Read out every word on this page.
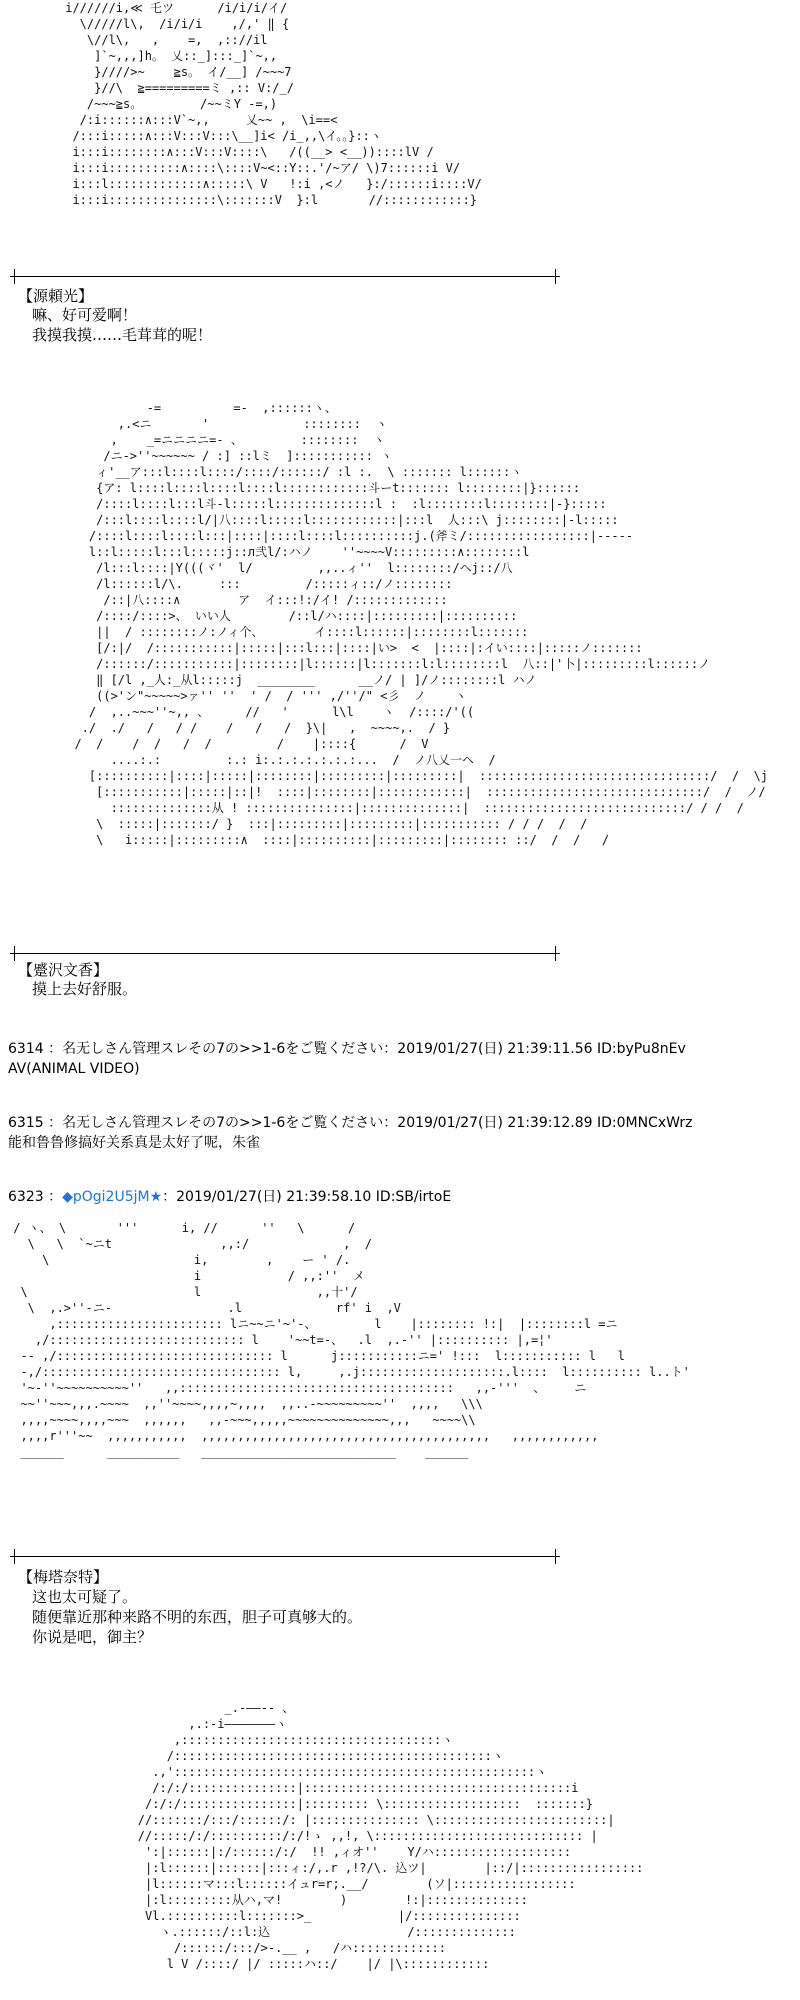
i//////i,≪ 乇ツ      /i/i/i/イ/
\/////l\,  /i/i/i    ,/,' ‖ {
\//l\,   ,    =,  ,:://il
]`~,,,]h。 乂::_]:::_]`~,,
}////>~    ≧s。 イ/__] /~~~7
}//\  ≧=========ミ ,:: V:/_/
/~~~≧s。        /~~ミY -=,)
/:i::::::∧:::V`~,,     乂~~ ,  \i==<
/:::i:::::∧:::V:::V:::\__]i< /i_,,\イ。。}::ヽ
i:::i::::::::∧:::V:::V::::\   /((__> <__))::::lV /
i:::i::::::::::∧::::\::::V~<::Y::.'/~ア/ \)7::::::i V/
i:::l:::::::::::::∧:::::\ V   !:i ,<ノ   }:/::::::i::::V/
i:::i:::::::::::::::\:::::::V  }:l       //::::::::::::}
【源頼光】
嘛、好可爱啊！
我摸我摸……毛茸茸的呢！
-=          =-  ,::::::ヽ、
,.<ニ       '             ::::::::  ヽ
,    _=ニニニニ=- 、        ::::::::  ヽ
/ニ->''~~~~~~ / :] ::lミ  ]::::::::::: ヽ
ィ'__ア:::l::::l::::/::::/::::::/ :l :.  \ ::::::: l::::::ヽ
{ア: l::::l::::l::::l::::l::::::::::::斗ーt::::::: l::::::::|}::::::
/::::l::::l:::l斗-l:::::l::::::::::::::l :  :l::::::::l::::::::|-}:::::
/:::l::::l::::l/|八::::l:::::l::::::::::::|:::l  人:::\ j::::::::|-l:::::
/::::l::::l::::l:::|::::|::::l::::l::::::::::j.(斧ミ/:::::::::::::::::|-----
l::l:::::l:::l:::::j::л弐l/:ハノ    ''~~~~V:::::::::∧::::::::l
/l:::l::::|Y(((ヾ'  l/         ,,..ィ''  l::::::::/ヘj::/八
/l::::::l/\.     :::         /:::::ィ::/ノ::::::::
/::|八::::∧        ア  イ:::!:/イ! /:::::::::::::
/::::/::::>、 いい人        /::l/ハ::::|:::::::::|::::::::::
||  / ::::::::ノ:ノィ个、       イ::::l::::::|::::::::l:::::::
[/:|/  /:::::::::::|:::::|:::l:::|::::|い>  <  |::::|:イい::::|:::::ノ:::::::
/::::::/:::::::::::|::::::::|l::::::|l:::::::l:l::::::::l  八::|'卜|:::::::::l::::::ノ
‖ [/l ,_人:_从l:::::j  ________      __ノ/ | ]/ノ::::::::l ハノ
((>'ン"~~~~~>ァ'' ''  ' /  / ''' ,/''/" <彡  ノ    ヽ
/  ,..~~~''~,, 、     //   '      l\l    ヽ  /::::/'((
./  ./   /   / /    /   /   /  }\|   ,  ~~~~,.  / }
/  /    /  /   /  /         /    |::::{      /  V
....:.:         :.: i:.:.:.:.:.:.:...  /  ノ八乂一ヘ  /
[::::::::::|::::|:::::|::::::::|:::::::::|:::::::::|  ::::::::::::::::::::::::::::::::/  /  \j
[:::::::::::|:::::|::|!  ::::|::::::::|::::::::::::|  ::::::::::::::::::::::::::::::/  /  ノ/
::::::::::::::从 ! :::::::::::::::|::::::::::::::|  ::::::::::::::::::::::::::::/ / /  /
\  :::::|:::::::/ }  :::|:::::::::|:::::::::|::::::::::: / / /  /  /
\   i:::::|:::::::::∧  ::::|::::::::::|:::::::::|:::::::: ::/  /  /   /
【蹙沢文香】
摸上去好舒服。
6314 ：名无しさん管理スレその7の>>1-6をご覧ください：2019/01/27(日) 21:39:11.56 ID:byPu8nEv
AV(ANIMAL VIDEO)
6315 ：名无しさん管理スレその7の>>1-6をご覧ください：2019/01/27(日) 21:39:12.89 ID:0MNCxWrz
能和鲁鲁修搞好关系真是太好了呢，朱雀
6323 ：◆pOgi2U5jM★：2019/01/27(日) 21:39:58.10 ID:SB/irtoE
/ ヽ、 \       '''      i, //      ''   \      /
\   \  `~ニt               ,,:/             ,  /
\                    i,        ,    ー ' /.
i            / ,,:''  メ
\                       l                ,,十'/
\  ,.>''‐ニ‐                .l             rf' i  ,V
,::::::::::::::::::::::: lニ~~ニ'~'-、        l    |:::::::: !:|  |::::::::l =ニ
,/::::::::::::::::::::::::::: l    '~~t=-、  .l  ,.-'' |:::::::::: |,=¦'
-- ,/:::::::::::::::::::::::::::::: l      j:::::::::::ニ=' !:::  l::::::::::: l   l
-,/::::::::::::::::::::::::::::::::: l,     ,.j::::::::::::::::::::.l::::  l:::::::::: l..ト'
'~-''~~~~~~~~~~''   ,,::::::::::::::::::::::::::::::::::::::   ,,-'''  、    ニ
~~''~~~,,,.~~~~  ,,''~~~~,,,,~,,,,  ,,..-~~~~~~~~~''  ,,,,   \\\
,,,,~~~~,,,,~~~  ,,,,,,   ,,-~~~,,,,,~~~~~~~~~~~~~~,,,   ~~~~\\
,,,,r'''~~  ,,,,,,,,,,,  ,,,,,,,,,,,,,,,,,,,,,,,,,,,,,,,,,,,,,,,,   ,,,,,,,,,,,,
______      __________   ___________________________    ______
【梅塔奈特】
这也太可疑了。
随便靠近那种来路不明的东西，胆子可真够大的。
你说是吧，御主？
_.-――-- 、
,.:‐i―――――――ヽ
,::::::::::::::::::::::::::::::::::::ヽ
/::::::::::::::::::::::::::::::::::::::::::::ヽ
.,'::::::::::::::::::::::::::::::::::::::::::::::::::ヽ
/:/:/:::::::::::::::|:::::::::::::::::::::::::::::::::::::i
/:/:/::::::::::::::::|::::::::: \:::::::::::::::::::  :::::::}
//:::::::/:::/::::::/: |::::::::::::::: \::::::::::::::::::::::::|
//:::::/:/::::::::::/:/!ゝ ,,!, \::::::::::::::::::::::::::::: |
':|::::::|:/::::::/:/  !! ,ィオ''    Y/ハ:::::::::::::::::::
|:l::::::|::::::|:::ィ:/,.r ,!?/\. 込ツ|        |::/|:::::::::::::::::
|l::::::マ:::l::::::イュr=r;.__/        (ソ|:::::::::::::::::
|:l:::::::::从ハ,マ!        )        !:|::::::::::::::
Vl.::::::::::l:::::::>_            |/:::::::::::::::
ヽ.::::::/::l:込                   /::::::::::::::
/::::::/:::/>-.__ ,   /ハ:::::::::::::
l V /::::/ |/ :::::ハ::/    |/ |\::::::::::::
